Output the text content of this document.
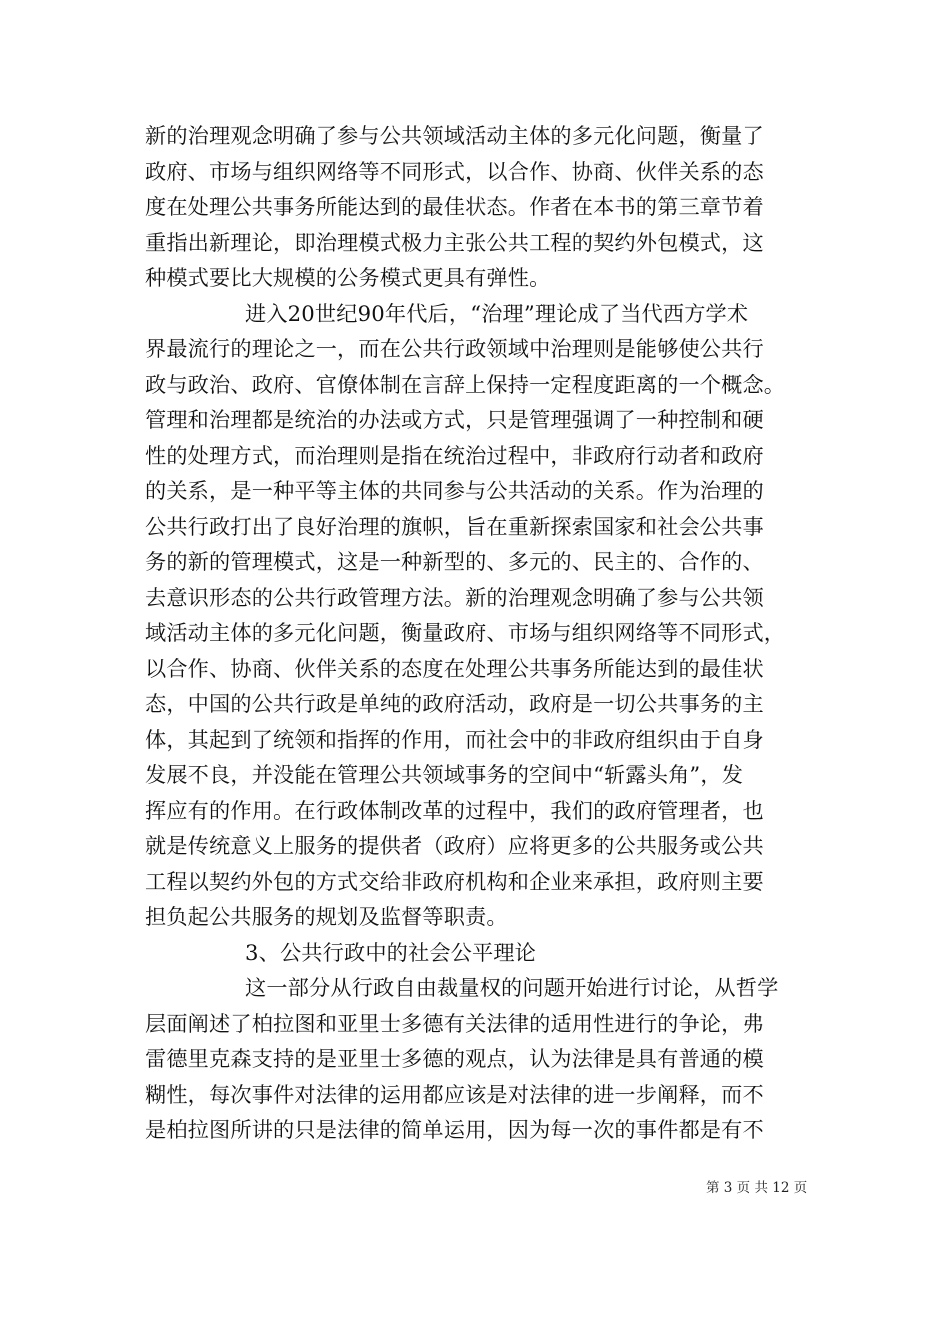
新的治理观念明确了参与公共领域活动主体的多元化问题，衡量了
政府、市场与组织网络等不同形式，以合作、协商、伙伴关系的态
度在处理公共事务所能达到的最佳状态。作者在本书的第三章节着
重指出新理论，即治理模式极力主张公共工程的契约外包模式，这
种模式要比大规模的公务模式更具有弹性。
进入20世纪90年代后，“治理”理论成了当代西方学术
界最流行的理论之一，而在公共行政领域中治理则是能够使公共行
政与政治、政府、官僚体制在言辞上保持一定程度距离的一个概念。
管理和治理都是统治的办法或方式，只是管理强调了一种控制和硬
性的处理方式，而治理则是指在统治过程中，非政府行动者和政府
的关系，是一种平等主体的共同参与公共活动的关系。作为治理的
公共行政打出了良好治理的旗帜，旨在重新探索国家和社会公共事
务的新的管理模式，这是一种新型的、多元的、民主的、合作的、
去意识形态的公共行政管理方法。新的治理观念明确了参与公共领
域活动主体的多元化问题，衡量政府、市场与组织网络等不同形式，
以合作、协商、伙伴关系的态度在处理公共事务所能达到的最佳状
态，中国的公共行政是单纯的政府活动，政府是一切公共事务的主
体，其起到了统领和指挥的作用，而社会中的非政府组织由于自身
发展不良，并没能在管理公共领域事务的空间中“斩露头角”，发
挥应有的作用。在行政体制改革的过程中，我们的政府管理者，也
就是传统意义上服务的提供者（政府）应将更多的公共服务或公共
工程以契约外包的方式交给非政府机构和企业来承担，政府则主要
担负起公共服务的规划及监督等职责。
3、公共行政中的社会公平理论
这一部分从行政自由裁量权的问题开始进行讨论，从哲学
层面阐述了柏拉图和亚里士多德有关法律的适用性进行的争论，弗
雷德里克森支持的是亚里士多德的观点，认为法律是具有普通的模
糊性，每次事件对法律的运用都应该是对法律的进一步阐释，而不
是柏拉图所讲的只是法律的简单运用，因为每一次的事件都是有不
第 3 页 共 12 页
